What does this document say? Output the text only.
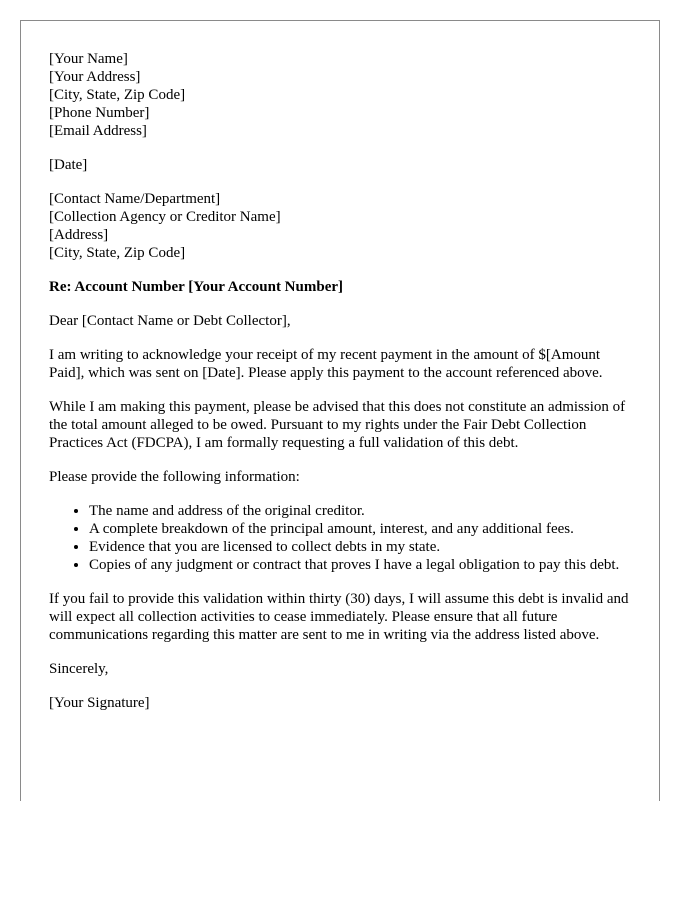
[Your Name]
[Your Address]
[City, State, Zip Code]
[Phone Number]
[Email Address]
[Date]
[Contact Name/Department]
[Collection Agency or Creditor Name]
[Address]
[City, State, Zip Code]
Re: Account Number [Your Account Number]

Dear [Contact Name or Debt Collector],

I am writing to acknowledge your receipt of my recent payment in the amount of $[Amount Paid], which was sent on [Date]. Please apply this payment to the account referenced above.

While I am making this payment, please be advised that this does not constitute an admission of the total amount alleged to be owed. Pursuant to my rights under the Fair Debt Collection Practices Act (FDCPA), I am formally requesting a full validation of this debt.

Please provide the following information:

• The name and address of the original creditor.
• A complete breakdown of the principal amount, interest, and any additional fees.
• Evidence that you are licensed to collect debts in my state.
• Copies of any judgment or contract that proves I have a legal obligation to pay this debt.

If you fail to provide this validation within thirty (30) days, I will assume this debt is invalid and will expect all collection activities to cease immediately. Please ensure that all future communications regarding this matter are sent to me in writing via the address listed above.

Sincerely,

[Your Signature]
